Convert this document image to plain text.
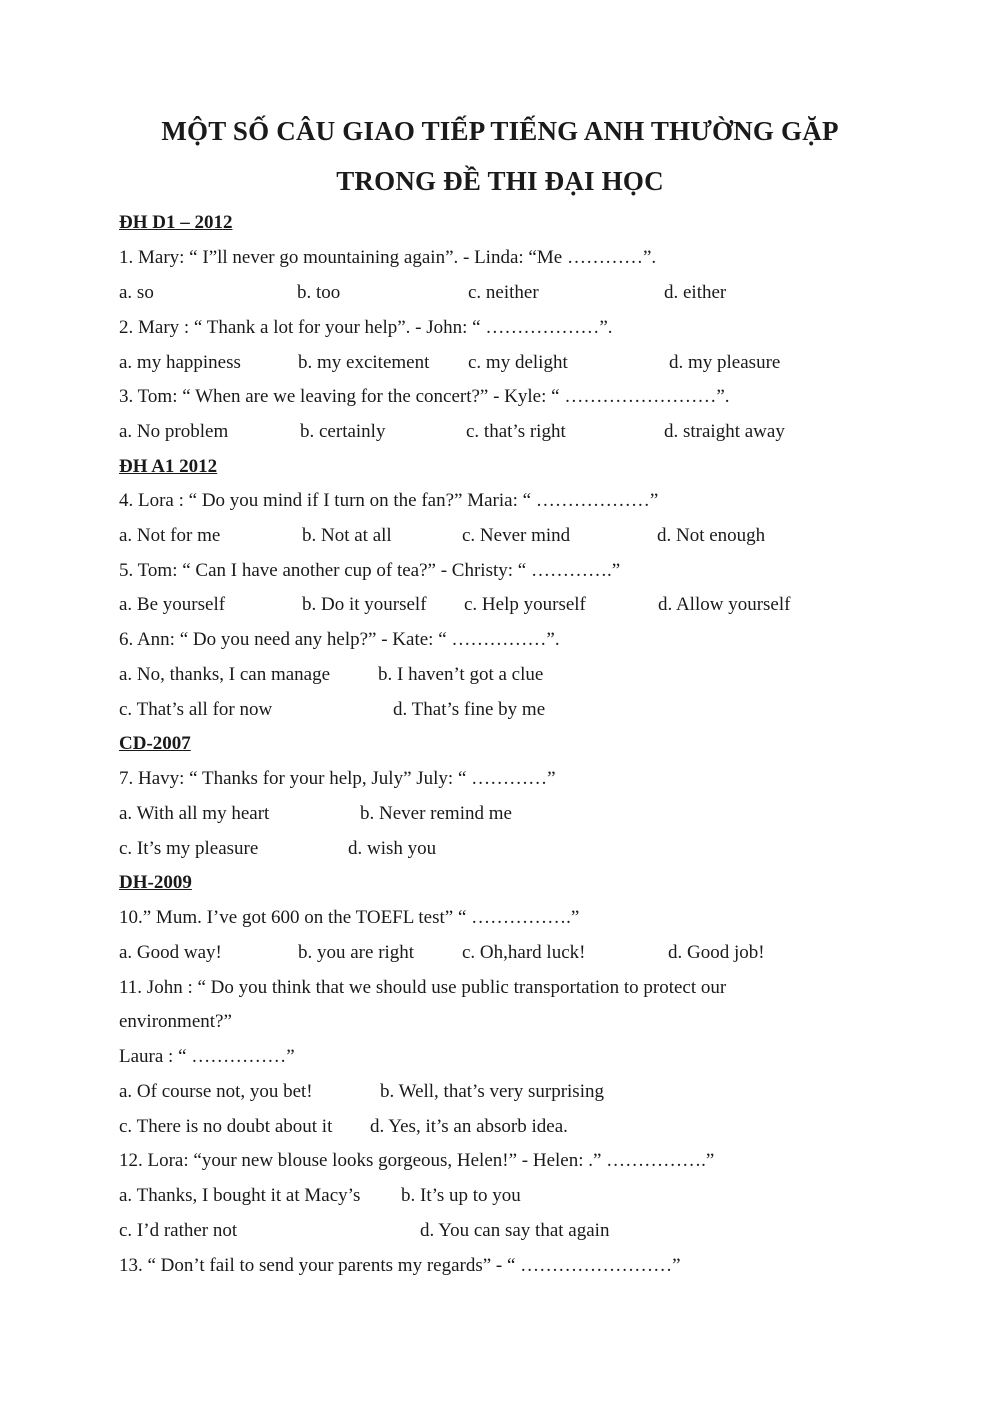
MỘT SỐ CÂU GIAO TIẾP TIẾNG ANH THƯỜNG GẶP
TRONG ĐỀ THI ĐẠI HỌC
ĐH D1 – 2012
1. Mary: “ I”ll never go mountaining again”. - Linda: “Me …………”.
a. so	b. too	c. neither	d. either
2. Mary : “ Thank a lot for your help”. - John: “ ………………”.
a. my happiness	b. my excitement c. my delight	d. my pleasure
3. Tom: “ When are we leaving for the concert?” - Kyle: “ ……………………”.
a. No problem	b. certainly	c. that’s right	d. straight away
ĐH A1 2012
4. Lora : “ Do you mind if I turn on the fan?” Maria: “ ………………”
a. Not for me	b. Not at all	c. Never mind	d. Not enough
5. Tom: “ Can I have another cup of tea?” - Christy: “ ………….”
a. Be yourself	b. Do it yourself c. Help yourself	d. Allow yourself
6. Ann: “ Do you need any help?” - Kate: “ ……………”.
a. No, thanks, I can manage	b. I haven’t got a clue
c. That’s all for now	d. That’s fine by me
CD-2007
7. Havy: “ Thanks for your help, July” July: “ …………”
a. With all my heart	b. Never remind me
c. It’s my pleasure	d. wish you
DH-2009
10.” Mum. I’ve got 600 on the TOEFL test” “ …………….”
a. Good way!	b. you are right	c. Oh,hard luck!	d. Good job!
11. John : “ Do you think that we should use public transportation to protect our
environment?”
Laura : “ ……………”
a. Of course not, you bet!	b. Well, that’s very surprising
c. There is no doubt about it d. Yes, it’s an absorb idea.
12. Lora: “your new blouse looks gorgeous, Helen!” - Helen: .” …………….”
a. Thanks, I bought it at Macy’s b. It’s up to you
c. I’d rather not	d. You can say that again
13. “ Don’t fail to send your parents my regards” - “ ……………………”
